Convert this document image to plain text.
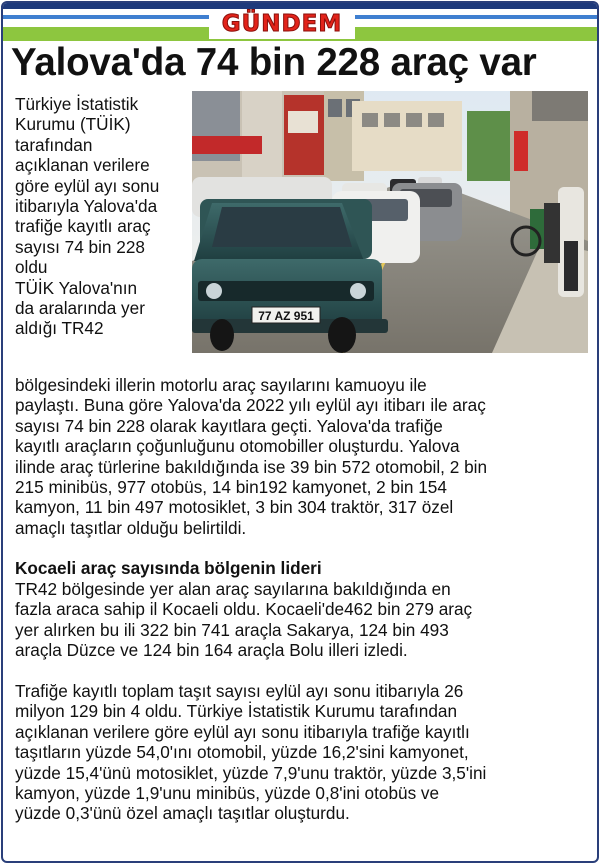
GÜNDEM
Yalova'da 74 bin 228 araç var
77 AZ 951
Türkiye İstatistik
Kurumu (TÜİK)
tarafından
açıklanan verilere
göre eylül ayı sonu
itibarıyla Yalova'da
trafiğe kayıtlı araç
sayısı 74 bin 228
oldu
TÜİK Yalova'nın
da aralarında yer
aldığı TR42
bölgesindeki illerin motorlu araç sayılarını kamuoyu ile
paylaştı. Buna göre Yalova'da 2022 yılı eylül ayı itibarı ile araç
sayısı 74 bin 228 olarak kayıtlara geçti. Yalova'da trafiğe
kayıtlı araçların çoğunluğunu otomobiller oluşturdu. Yalova
ilinde araç türlerine bakıldığında ise 39 bin 572 otomobil, 2 bin
215 minibüs, 977 otobüs, 14 bin192 kamyonet, 2 bin 154
kamyon, 11 bin 497 motosiklet, 3 bin 304 traktör, 317 özel
amaçlı taşıtlar olduğu belirtildi.
Kocaeli araç sayısında bölgenin lideri
TR42 bölgesinde yer alan araç sayılarına bakıldığında en
fazla araca sahip il Kocaeli oldu. Kocaeli'de462 bin 279 araç
yer alırken bu ili 322 bin 741 araçla Sakarya, 124 bin 493
araçla Düzce ve 124 bin 164 araçla Bolu illeri izledi.
Trafiğe kayıtlı toplam taşıt sayısı eylül ayı sonu itibarıyla 26
milyon 129 bin 4 oldu. Türkiye İstatistik Kurumu tarafından
açıklanan verilere göre eylül ayı sonu itibarıyla trafiğe kayıtlı
taşıtların yüzde 54,0'ını otomobil, yüzde 16,2'sini kamyonet,
yüzde 15,4'ünü motosiklet, yüzde 7,9'unu traktör, yüzde 3,5'ini
kamyon, yüzde 1,9'unu minibüs, yüzde 0,8'ini otobüs ve
yüzde 0,3'ünü özel amaçlı taşıtlar oluşturdu.
